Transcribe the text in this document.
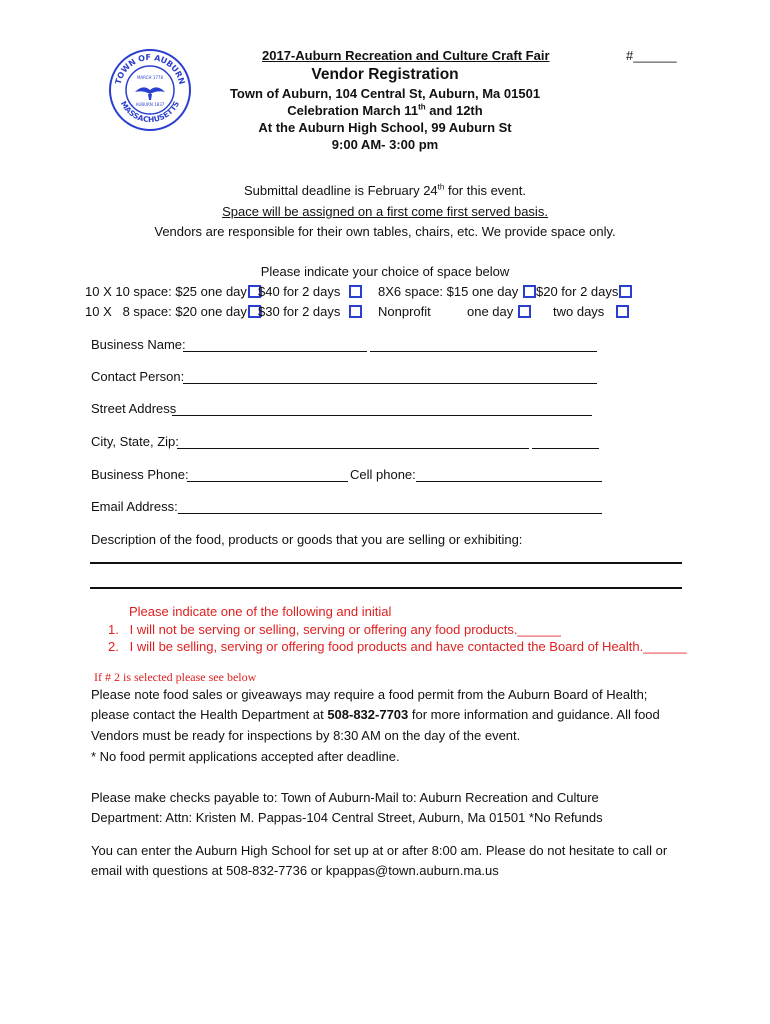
TOWN OF AUBURN
MASSACHUSETTS
MARCH 1778
AUBURN 1837
2017-Auburn Recreation and Culture Craft Fair	#______
Vendor Registration
Town of Auburn, 104 Central St, Auburn, Ma 01501
Celebration March 11th and 12th
At the Auburn High School, 99 Auburn St
9:00 AM- 3:00 pm
Submittal deadline is February 24th for this event.
Space will be assigned on a first come first served basis.
Vendors are responsible for their own tables, chairs, etc. We provide space only.
Please indicate your choice of space below
10 X 10 space: $25 one day $40 for 2 days	8X6 space: $15 one day	$20 for 2 days
10 X   8 space: $20 one day $30 for 2 days	Nonprofit	one day	two days
Business Name:
Contact Person:
Street Address
City, State, Zip:
Business Phone:	Cell phone:
Email Address:
Description of the food, products or goods that you are selling or exhibiting:
Please indicate one of the following and initial
1.   I will not be serving or selling, serving or offering any food products.______
2.   I will be selling, serving or offering food products and have contacted the Board of Health.______
If # 2 is selected please see below
Please note food sales or giveaways may require a food permit from the Auburn Board of Health;
please contact the Health Department at 508-832-7703 for more information and guidance. All food
Vendors must be ready for inspections by 8:30 AM on the day of the event.
* No food permit applications accepted after deadline.
Please make checks payable to: Town of Auburn-Mail to: Auburn Recreation and Culture
Department: Attn: Kristen M. Pappas-104 Central Street, Auburn, Ma 01501 *No Refunds
You can enter the Auburn High School for set up at or after 8:00 am. Please do not hesitate to call or
email with questions at 508-832-7736 or kpappas@town.auburn.ma.us
